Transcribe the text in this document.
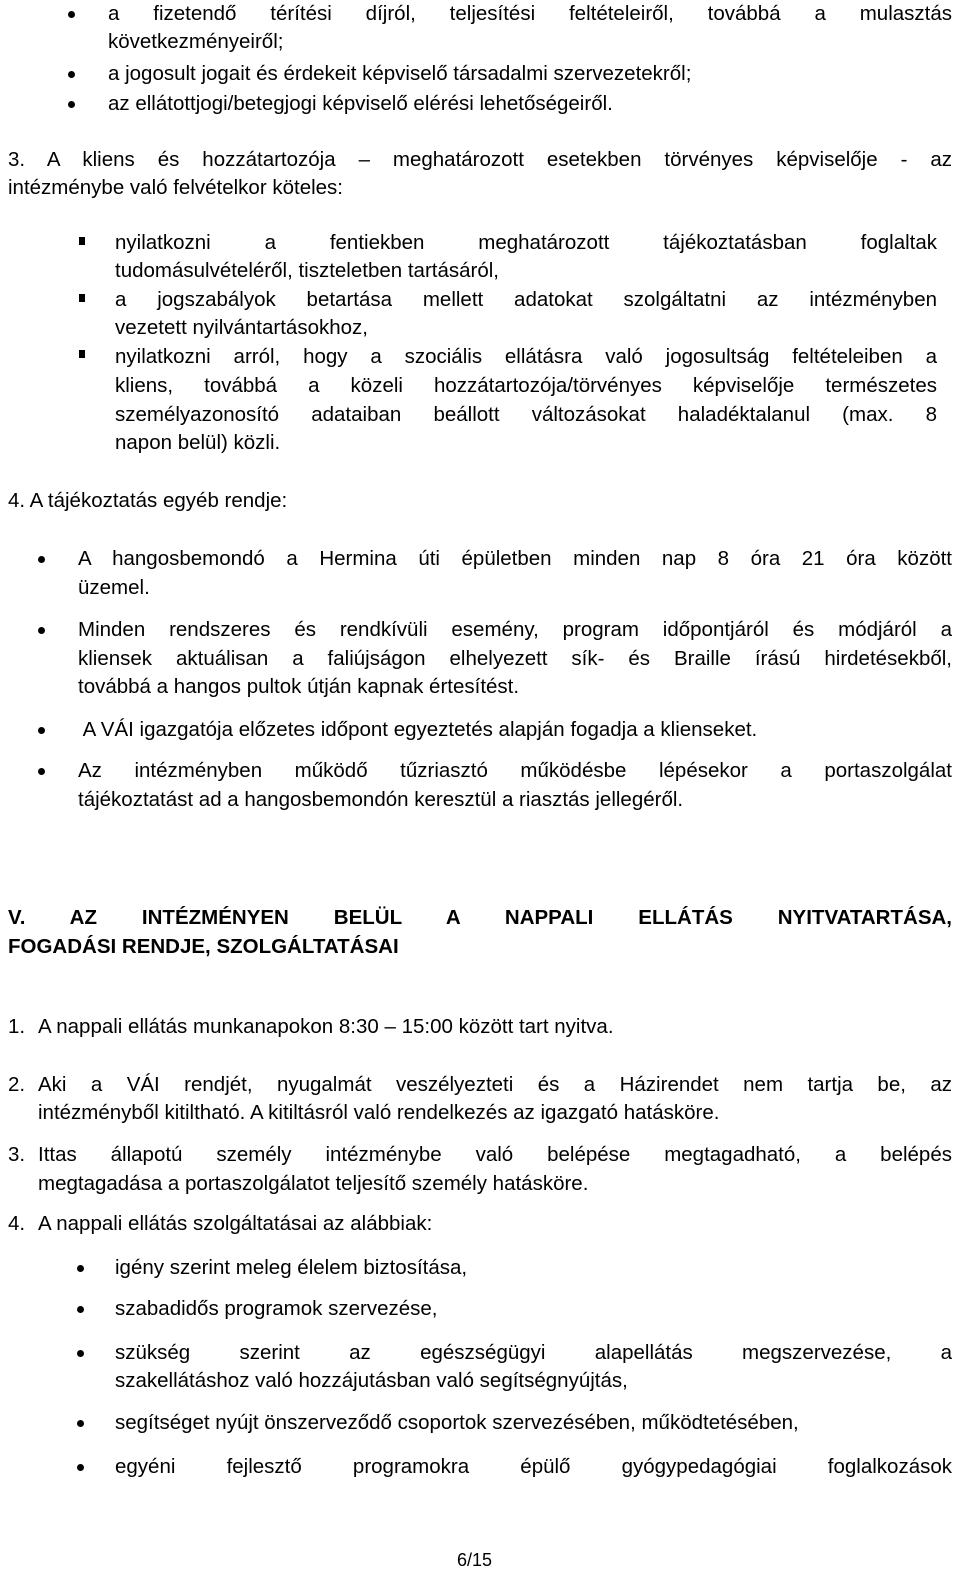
a fizetendő térítési díjról, teljesítési feltételeiről, továbbá a mulasztás
következményeiről;
a jogosult jogait és érdekeit képviselő társadalmi szervezetekről;
az ellátottjogi/betegjogi képviselő elérési lehetőségeiről.
3. A kliens és hozzátartozója – meghatározott esetekben törvényes képviselője - az
intézménybe való felvételkor köteles:
nyilatkozni a fentiekben meghatározott tájékoztatásban foglaltak
tudomásulvételéről, tiszteletben tartásáról,
a jogszabályok betartása mellett adatokat szolgáltatni az intézményben
vezetett nyilvántartásokhoz,
nyilatkozni arról, hogy a szociális ellátásra való jogosultság feltételeiben a
kliens, továbbá a közeli hozzátartozója/törvényes képviselője természetes
személyazonosító adataiban beállott változásokat haladéktalanul (max. 8
napon belül) közli.
4. A tájékoztatás egyéb rendje:
A hangosbemondó a Hermina úti épületben minden nap 8 óra 21 óra között
üzemel.
Minden rendszeres és rendkívüli esemény, program időpontjáról és módjáról a
kliensek aktuálisan a faliújságon elhelyezett sík- és Braille írású hirdetésekből,
továbbá a hangos pultok útján kapnak értesítést.
A VÁI igazgatója előzetes időpont egyeztetés alapján fogadja a klienseket.
Az intézményben működő tűzriasztó működésbe lépésekor a portaszolgálat
tájékoztatást ad a hangosbemondón keresztül a riasztás jellegéről.
V. AZ INTÉZMÉNYEN BELÜL A NAPPALI ELLÁTÁS NYITVATARTÁSA,
FOGADÁSI RENDJE, SZOLGÁLTATÁSAI
1. A nappali ellátás munkanapokon 8:30 – 15:00 között tart nyitva.
2. Aki a VÁI rendjét, nyugalmát veszélyezteti és a Házirendet nem tartja be, az
intézményből kitiltható. A kitiltásról való rendelkezés az igazgató hatásköre.
3. Ittas állapotú személy intézménybe való belépése megtagadható, a belépés
megtagadása a portaszolgálatot teljesítő személy hatásköre.
4. A nappali ellátás szolgáltatásai az alábbiak:
igény szerint meleg élelem biztosítása,
szabadidős programok szervezése,
szükség szerint az egészségügyi alapellátás megszervezése, a
szakellátáshoz való hozzájutásban való segítségnyújtás,
segítséget nyújt önszerveződő csoportok szervezésében, működtetésében,
egyéni fejlesztő programokra épülő gyógypedagógiai foglalkozások
6/15
